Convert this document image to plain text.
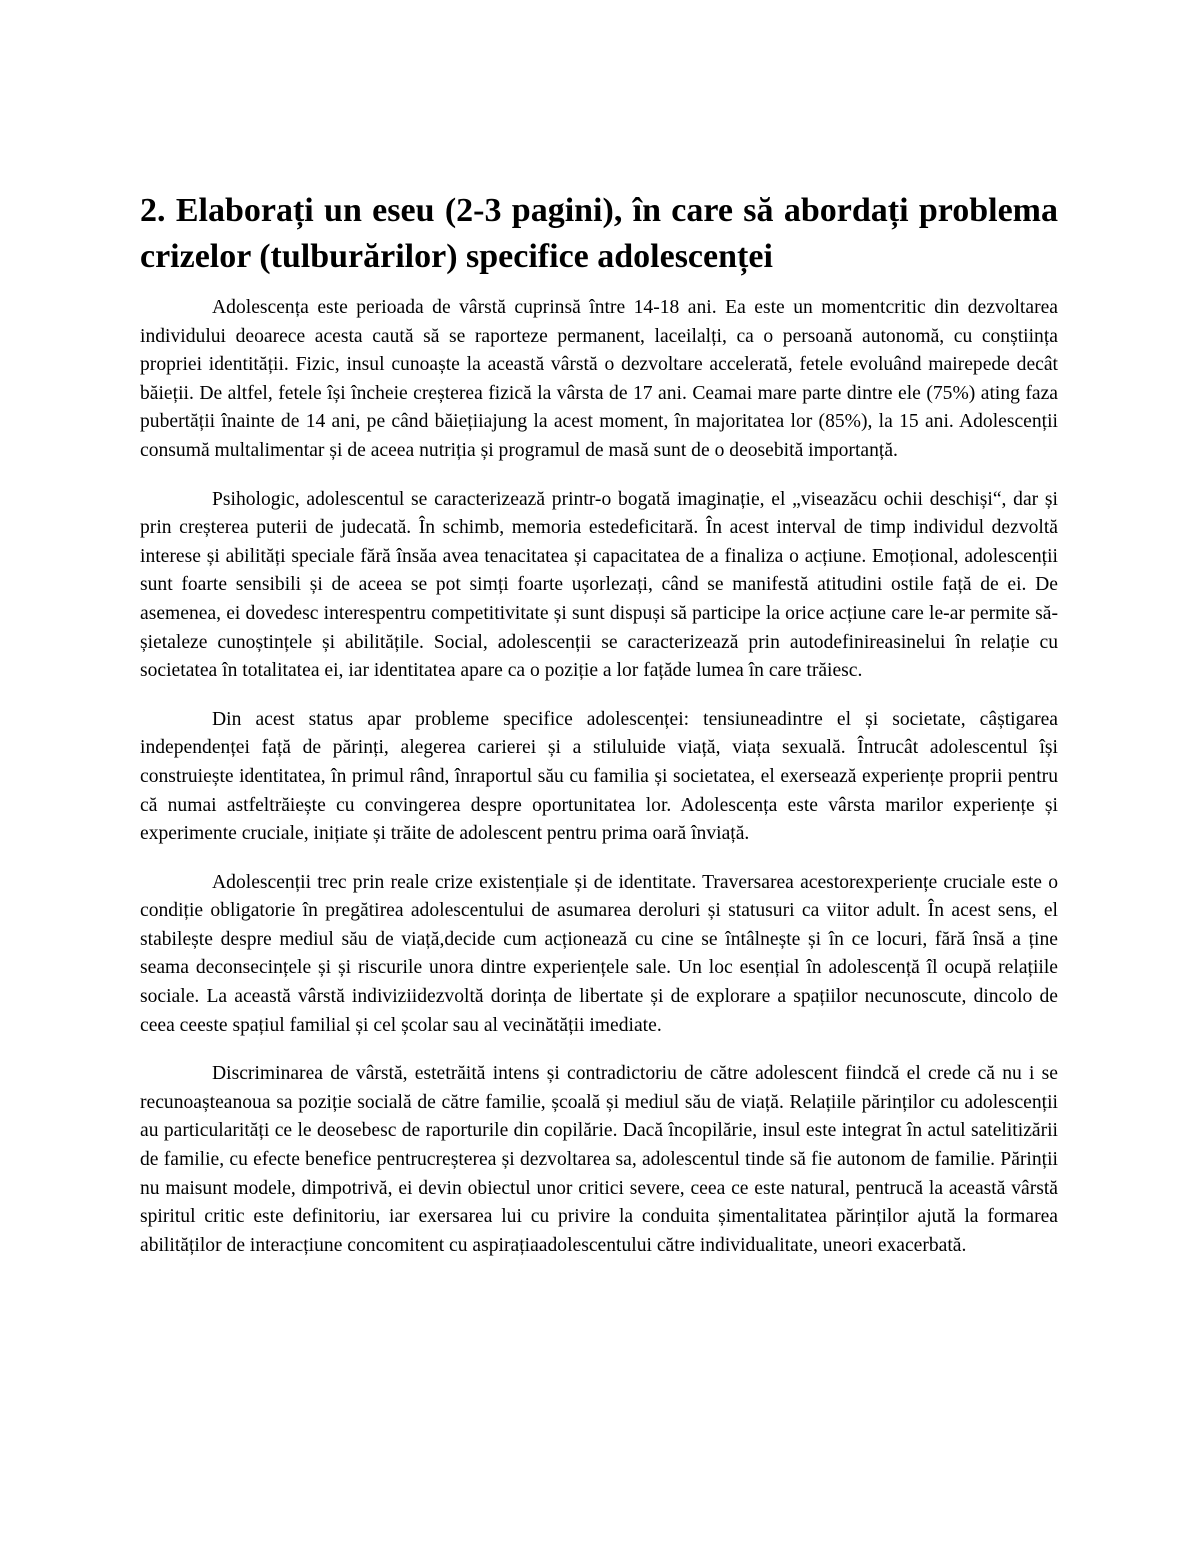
2. Elaborați un eseu (2-3 pagini), în care să abordați problema crizelor (tulburărilor) specifice adolescenței

Adolescența este perioada de vârstă cuprinsă între 14-18 ani. Ea este un momentcritic din dezvoltarea individului deoarece acesta caută să se raporteze permanent, laceilalți, ca o persoană autonomă, cu conștiința propriei identității. Fizic, insul cunoaște la această vârstă o dezvoltare accelerată, fetele evoluând mairepede decât băieții. De altfel, fetele își încheie creșterea fizică la vârsta de 17 ani. Ceamai mare parte dintre ele (75%) ating faza pubertății înainte de 14 ani, pe când băiețiiajung la acest moment, în majoritatea lor (85%), la 15 ani. Adolescenții consumă multalimentar și de aceea nutriția și programul de masă sunt de o deosebită importanță.

Psihologic, adolescentul se caracterizează printr-o bogată imaginație, el „viseazăcu ochii deschiși“, dar și prin creșterea puterii de judecată. În schimb, memoria estedeficitară. În acest interval de timp individul dezvoltă interese și abilități speciale fără însăa avea tenacitatea și capacitatea de a finaliza o acțiune. Emoțional, adolescenții sunt foarte sensibili și de aceea se pot simți foarte ușorlezați, când se manifestă atitudini ostile față de ei. De asemenea, ei dovedesc interespentru competitivitate și sunt dispuși să participe la orice acțiune care le-ar permite să-șietaleze cunoștințele și abilitățile. Social, adolescenții se caracterizează prin autodefinireasinelui în relație cu societatea în totalitatea ei, iar identitatea apare ca o poziție a lor fațăde lumea în care trăiesc.

Din acest status apar probleme specifice adolescenței: tensiuneadintre el și societate, câștigarea independenței față de părinți, alegerea carierei și a stiluluide viață, viața sexuală. Întrucât adolescentul își construiește identitatea, în primul rând, înraportul său cu familia și societatea, el exersează experiențe proprii pentru că numai astfeltrăiește cu convingerea despre oportunitatea lor. Adolescența este vârsta marilor experiențe și experimente cruciale, inițiate și trăite de adolescent pentru prima oară înviață.

Adolescenții trec prin reale crize existențiale și de identitate. Traversarea acestorexperiențe cruciale este o condiție obligatorie în pregătirea adolescentului de asumarea deroluri și statusuri ca viitor adult. În acest sens, el stabilește despre mediul său de viață,decide cum acționează cu cine se întâlnește și în ce locuri, fără însă a ține seama deconsecințele și și riscurile unora dintre experiențele sale. Un loc esențial în adolescență îl ocupă relațiile sociale. La această vârstă indiviziidezvoltă dorința de libertate și de explorare a spațiilor necunoscute, dincolo de ceea ceeste spațiul familial și cel școlar sau al vecinătății imediate.

Discriminarea de vârstă, estetrăită intens și contradictoriu de către adolescent fiindcă el crede că nu i se recunoașteanoua sa poziție socială de către familie, școală și mediul său de viață. Relațiile părinților cu adolescenții au particularități ce le deosebesc de raporturile din copilărie. Dacă încopilărie, insul este integrat în actul satelitizării de familie, cu efecte benefice pentrucreșterea și dezvoltarea sa, adolescentul tinde să fie autonom de familie. Părinții nu maisunt modele, dimpotrivă, ei devin obiectul unor critici severe, ceea ce este natural, pentrucă la această vârstă spiritul critic este definitoriu, iar exersarea lui cu privire la conduita șimentalitatea părinților ajută la formarea abilităților de interacțiune concomitent cu aspirațiaadolescentului către individualitate, uneori exacerbată.
